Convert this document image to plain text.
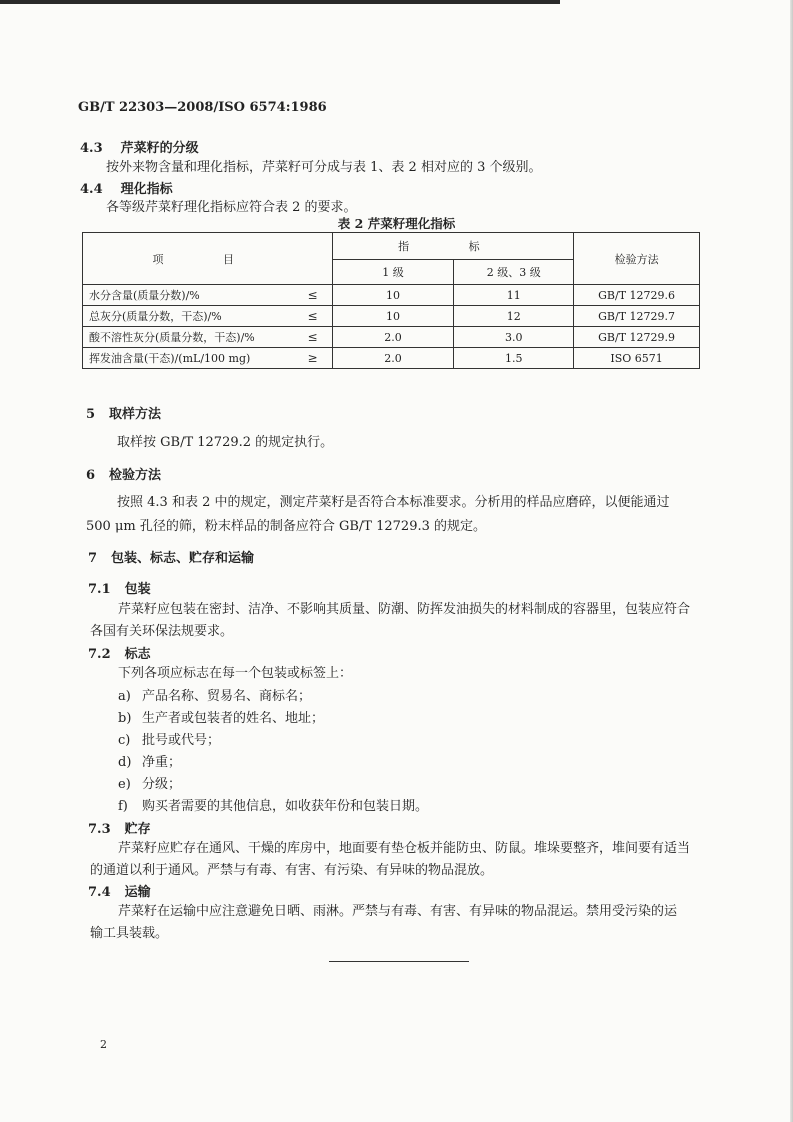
GB/T 22303—2008/ISO 6574:1986
4.3 芹菜籽的分级
按外来物含量和理化指标，芹菜籽可分成与表 1、表 2 相对应的 3 个级别。
4.4 理化指标
各等级芹菜籽理化指标应符合表 2 的要求。
表 2 芹菜籽理化指标
项 目	指 标		检验方法
	1 级	2 级、3 级	
水分含量(质量分数)/% ≤	10	11	GB/T 12729.6
总灰分(质量分数，干态)/% ≤	10	12	GB/T 12729.7
酸不溶性灰分(质量分数，干态)/% ≤	2.0	3.0	GB/T 12729.9
挥发油含量(干态)/(mL/100 mg) ≥	2.0	1.5	ISO 6571
5 取样方法
取样按 GB/T 12729.2 的规定执行。
6 检验方法
按照 4.3 和表 2 中的规定，测定芹菜籽是否符合本标准要求。分析用的样品应磨碎，以便能通过
500 μm 孔径的筛，粉末样品的制备应符合 GB/T 12729.3 的规定。
7 包装、标志、贮存和运输
7.1 包装
芹菜籽应包装在密封、洁净、不影响其质量、防潮、防挥发油损失的材料制成的容器里，包装应符合
各国有关环保法规要求。
7.2 标志
下列各项应标志在每一个包装或标签上：
a) 产品名称、贸易名、商标名；
b) 生产者或包装者的姓名、地址；
c) 批号或代号；
d) 净重；
e) 分级；
f) 购买者需要的其他信息，如收获年份和包装日期。
7.3 贮存
芹菜籽应贮存在通风、干燥的库房中，地面要有垫仓板并能防虫、防鼠。堆垛要整齐，堆间要有适当
的通道以利于通风。严禁与有毒、有害、有污染、有异味的物品混放。
7.4 运输
芹菜籽在运输中应注意避免日晒、雨淋。严禁与有毒、有害、有异味的物品混运。禁用受污染的运
输工具装载。
2
